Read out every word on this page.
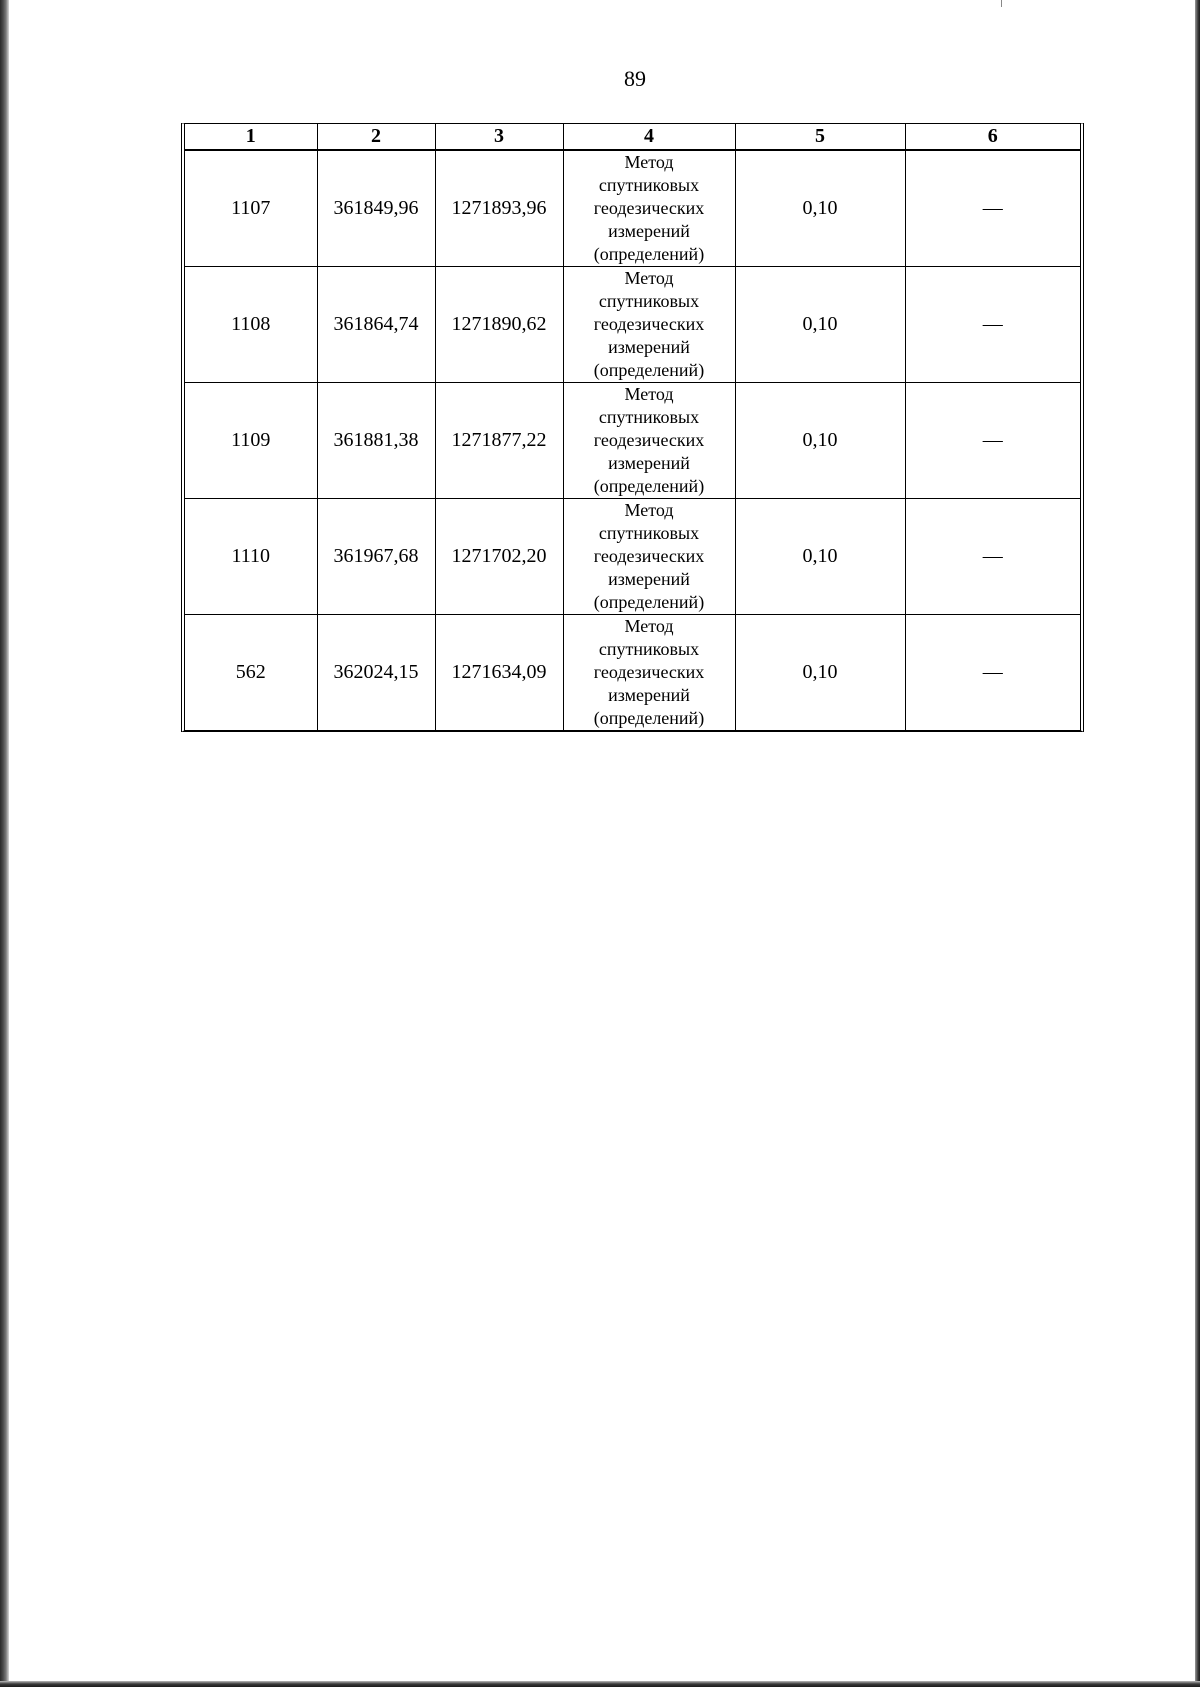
89
1	2	3	4	5	6
1107	361849,96	1271893,96	Метод
спутниковых
геодезических
измерений
(определений)	0,10	—
1108	361864,74	1271890,62	Метод
спутниковых
геодезических
измерений
(определений)	0,10	—
1109	361881,38	1271877,22	Метод
спутниковых
геодезических
измерений
(определений)	0,10	—
1110	361967,68	1271702,20	Метод
спутниковых
геодезических
измерений
(определений)	0,10	—
562	362024,15	1271634,09	Метод
спутниковых
геодезических
измерений
(определений)	0,10	—
